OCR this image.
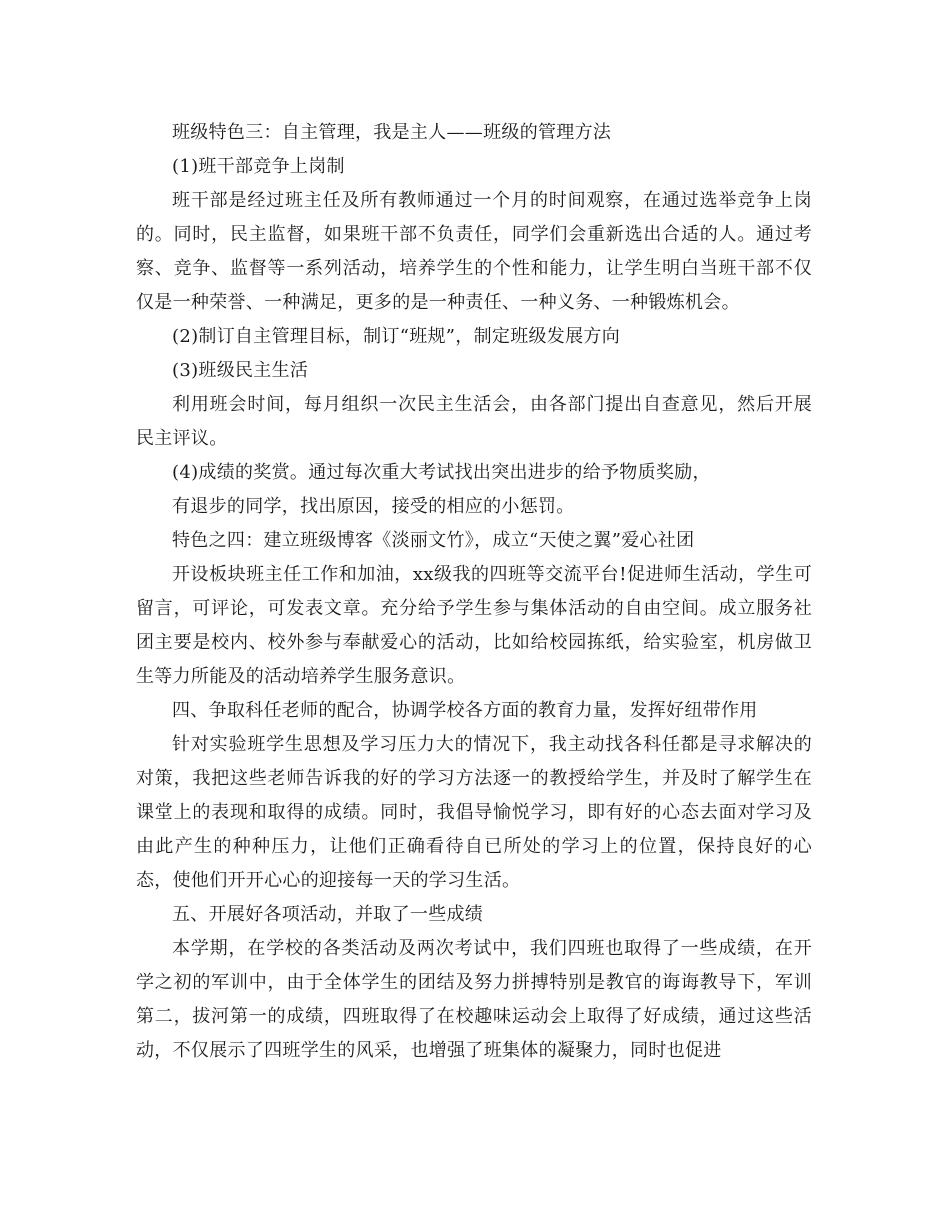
班级特色三：自主管理，我是主人——班级的管理方法

(1)班干部竞争上岗制

班干部是经过班主任及所有教师通过一个月的时间观察，在通过选举竞争上岗的。同时，民主监督，如果班干部不负责任，同学们会重新选出合适的人。通过考察、竞争、监督等一系列活动，培养学生的个性和能力，让学生明白当班干部不仅仅是一种荣誉、一种满足，更多的是一种责任、一种义务、一种锻炼机会。

(2)制订自主管理目标，制订“班规”，制定班级发展方向

(3)班级民主生活

利用班会时间，每月组织一次民主生活会，由各部门提出自查意见，然后开展民主评议。

(4)成绩的奖赏。通过每次重大考试找出突出进步的给予物质奖励，

有退步的同学，找出原因，接受的相应的小惩罚。

特色之四：建立班级博客《淡丽文竹》，成立“天使之翼”爱心社团

开设板块班主任工作和加油，xx级我的四班等交流平台!促进师生活动，学生可留言，可评论，可发表文章。充分给予学生参与集体活动的自由空间。成立服务社团主要是校内、校外参与奉献爱心的活动，比如给校园拣纸，给实验室，机房做卫生等力所能及的活动培养学生服务意识。

四、争取科任老师的配合，协调学校各方面的教育力量，发挥好纽带作用

针对实验班学生思想及学习压力大的情况下，我主动找各科任都是寻求解决的对策，我把这些老师告诉我的好的学习方法逐一的教授给学生，并及时了解学生在课堂上的表现和取得的成绩。同时，我倡导愉悦学习，即有好的心态去面对学习及由此产生的种种压力，让他们正确看待自已所处的学习上的位置，保持良好的心态，使他们开开心心的迎接每一天的学习生活。

五、开展好各项活动，并取了一些成绩

本学期，在学校的各类活动及两次考试中，我们四班也取得了一些成绩，在开学之初的军训中，由于全体学生的团结及努力拼搏特别是教官的诲诲教导下，军训第二，拔河第一的成绩，四班取得了在校趣味运动会上取得了好成绩，通过这些活动，不仅展示了四班学生的风采，也增强了班集体的凝聚力，同时也促进
